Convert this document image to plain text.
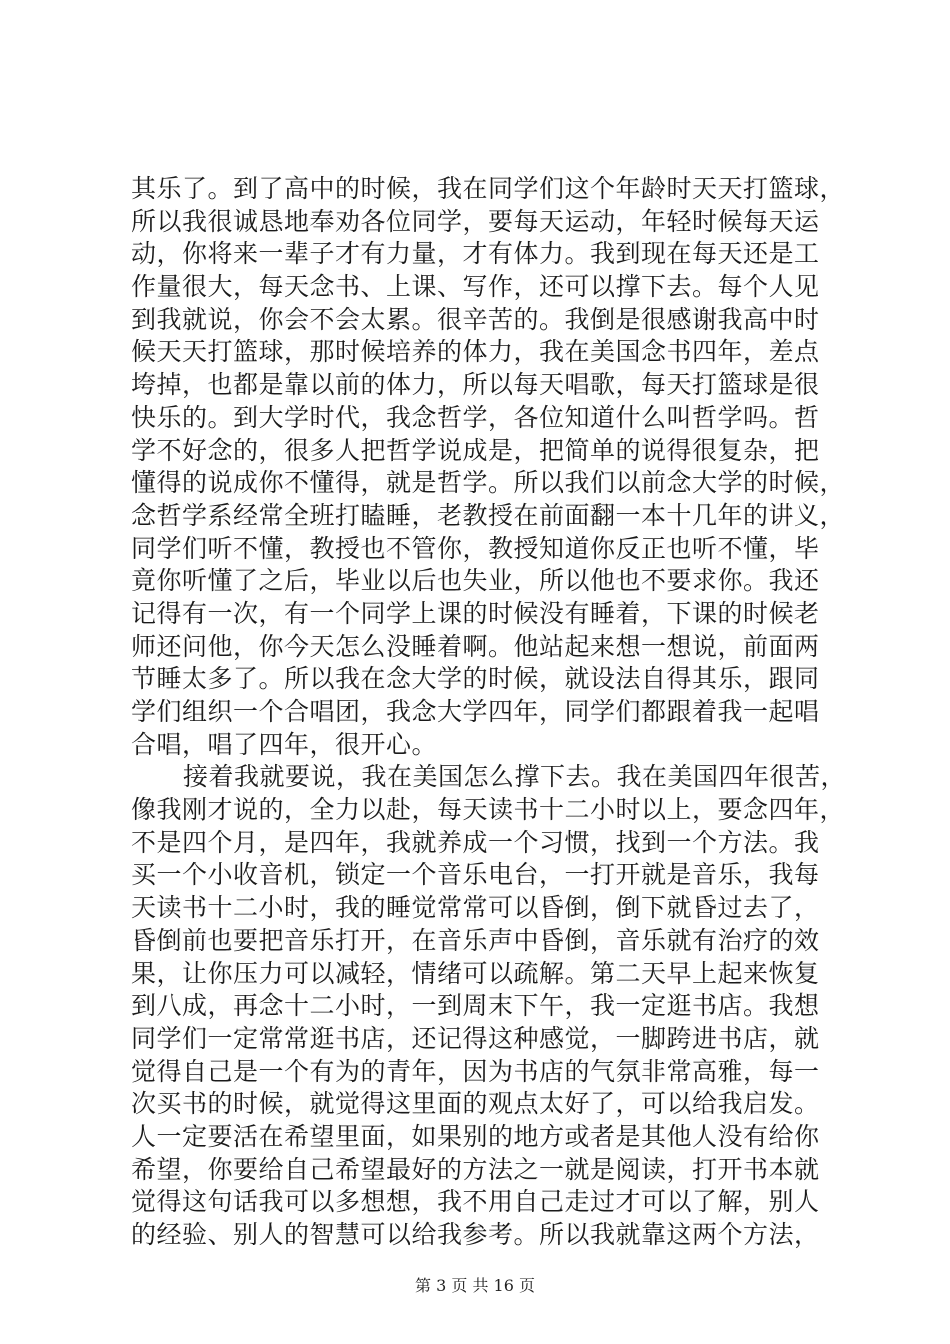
其乐了。到了高中的时候，我在同学们这个年龄时天天打篮球，
所以我很诚恳地奉劝各位同学，要每天运动，年轻时候每天运
动，你将来一辈子才有力量，才有体力。我到现在每天还是工
作量很大，每天念书、上课、写作，还可以撑下去。每个人见
到我就说，你会不会太累。很辛苦的。我倒是很感谢我高中时
候天天打篮球，那时候培养的体力，我在美国念书四年，差点
垮掉，也都是靠以前的体力，所以每天唱歌，每天打篮球是很
快乐的。到大学时代，我念哲学，各位知道什么叫哲学吗。哲
学不好念的，很多人把哲学说成是，把简单的说得很复杂，把
懂得的说成你不懂得，就是哲学。所以我们以前念大学的时候，
念哲学系经常全班打瞌睡，老教授在前面翻一本十几年的讲义，
同学们听不懂，教授也不管你，教授知道你反正也听不懂，毕
竟你听懂了之后，毕业以后也失业，所以他也不要求你。我还
记得有一次，有一个同学上课的时候没有睡着，下课的时候老
师还问他，你今天怎么没睡着啊。他站起来想一想说，前面两
节睡太多了。所以我在念大学的时候，就设法自得其乐，跟同
学们组织一个合唱团，我念大学四年，同学们都跟着我一起唱
合唱，唱了四年，很开心。
接着我就要说，我在美国怎么撑下去。我在美国四年很苦，
像我刚才说的，全力以赴，每天读书十二小时以上，要念四年，
不是四个月，是四年，我就养成一个习惯，找到一个方法。我
买一个小收音机，锁定一个音乐电台，一打开就是音乐，我每
天读书十二小时，我的睡觉常常可以昏倒，倒下就昏过去了，
昏倒前也要把音乐打开，在音乐声中昏倒，音乐就有治疗的效
果，让你压力可以减轻，情绪可以疏解。第二天早上起来恢复
到八成，再念十二小时，一到周末下午，我一定逛书店。我想
同学们一定常常逛书店，还记得这种感觉，一脚跨进书店，就
觉得自己是一个有为的青年，因为书店的气氛非常高雅，每一
次买书的时候，就觉得这里面的观点太好了，可以给我启发。
人一定要活在希望里面，如果别的地方或者是其他人没有给你
希望，你要给自己希望最好的方法之一就是阅读，打开书本就
觉得这句话我可以多想想，我不用自己走过才可以了解，别人
的经验、别人的智慧可以给我参考。所以我就靠这两个方法，
第 3 页 共 16 页
